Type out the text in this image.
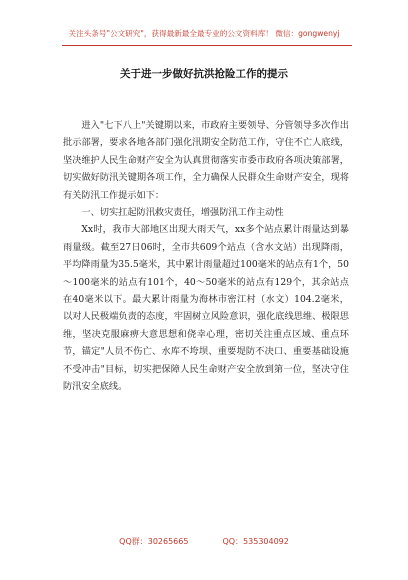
关注头条号"公文研究"，获得最新最全最专业的公文资料库！ 微信：gongwenyj
关于进一步做好抗洪抢险工作的提示

进入"七下八上"关键期以来，市政府主要领导、分管领导多次作出批示部署，要求各地各部门强化汛期安全防范工作，守住不亡人底线，坚决维护人民生命财产安全为认真贯彻落实市委市政府各项决策部署，切实做好防汛关键期各项工作，全力确保人民群众生命财产安全，现将有关防汛工作提示如下：

一、切实扛起防汛救灾责任，增强防汛工作主动性

Xx时，我市大部地区出现大雨天气，xx多个站点累计雨量达到暴雨量级。截至27日06时，全市共609个站点（含水文站）出现降雨，平均降雨量为35.5毫米，其中累计雨量超过100毫米的站点有1个，50～100毫米的站点有101个，40～50毫米的站点有129个，其余站点在40毫米以下。最大累计雨量为海林市密江村（水文）104.2毫米，以对人民极端负责的态度，牢固树立风险意识，强化底线思维、极限思维，坚决克服麻痹大意思想和侥幸心理，密切关注重点区域、重点环节，锚定"人员不伤亡、水库不垮坝、重要堤防不决口、重要基础设施不受冲击"目标，切实把保障人民生命财产安全放到第一位，坚决守住防汛安全底线。

QQ群：30265665	QQ：535304092
